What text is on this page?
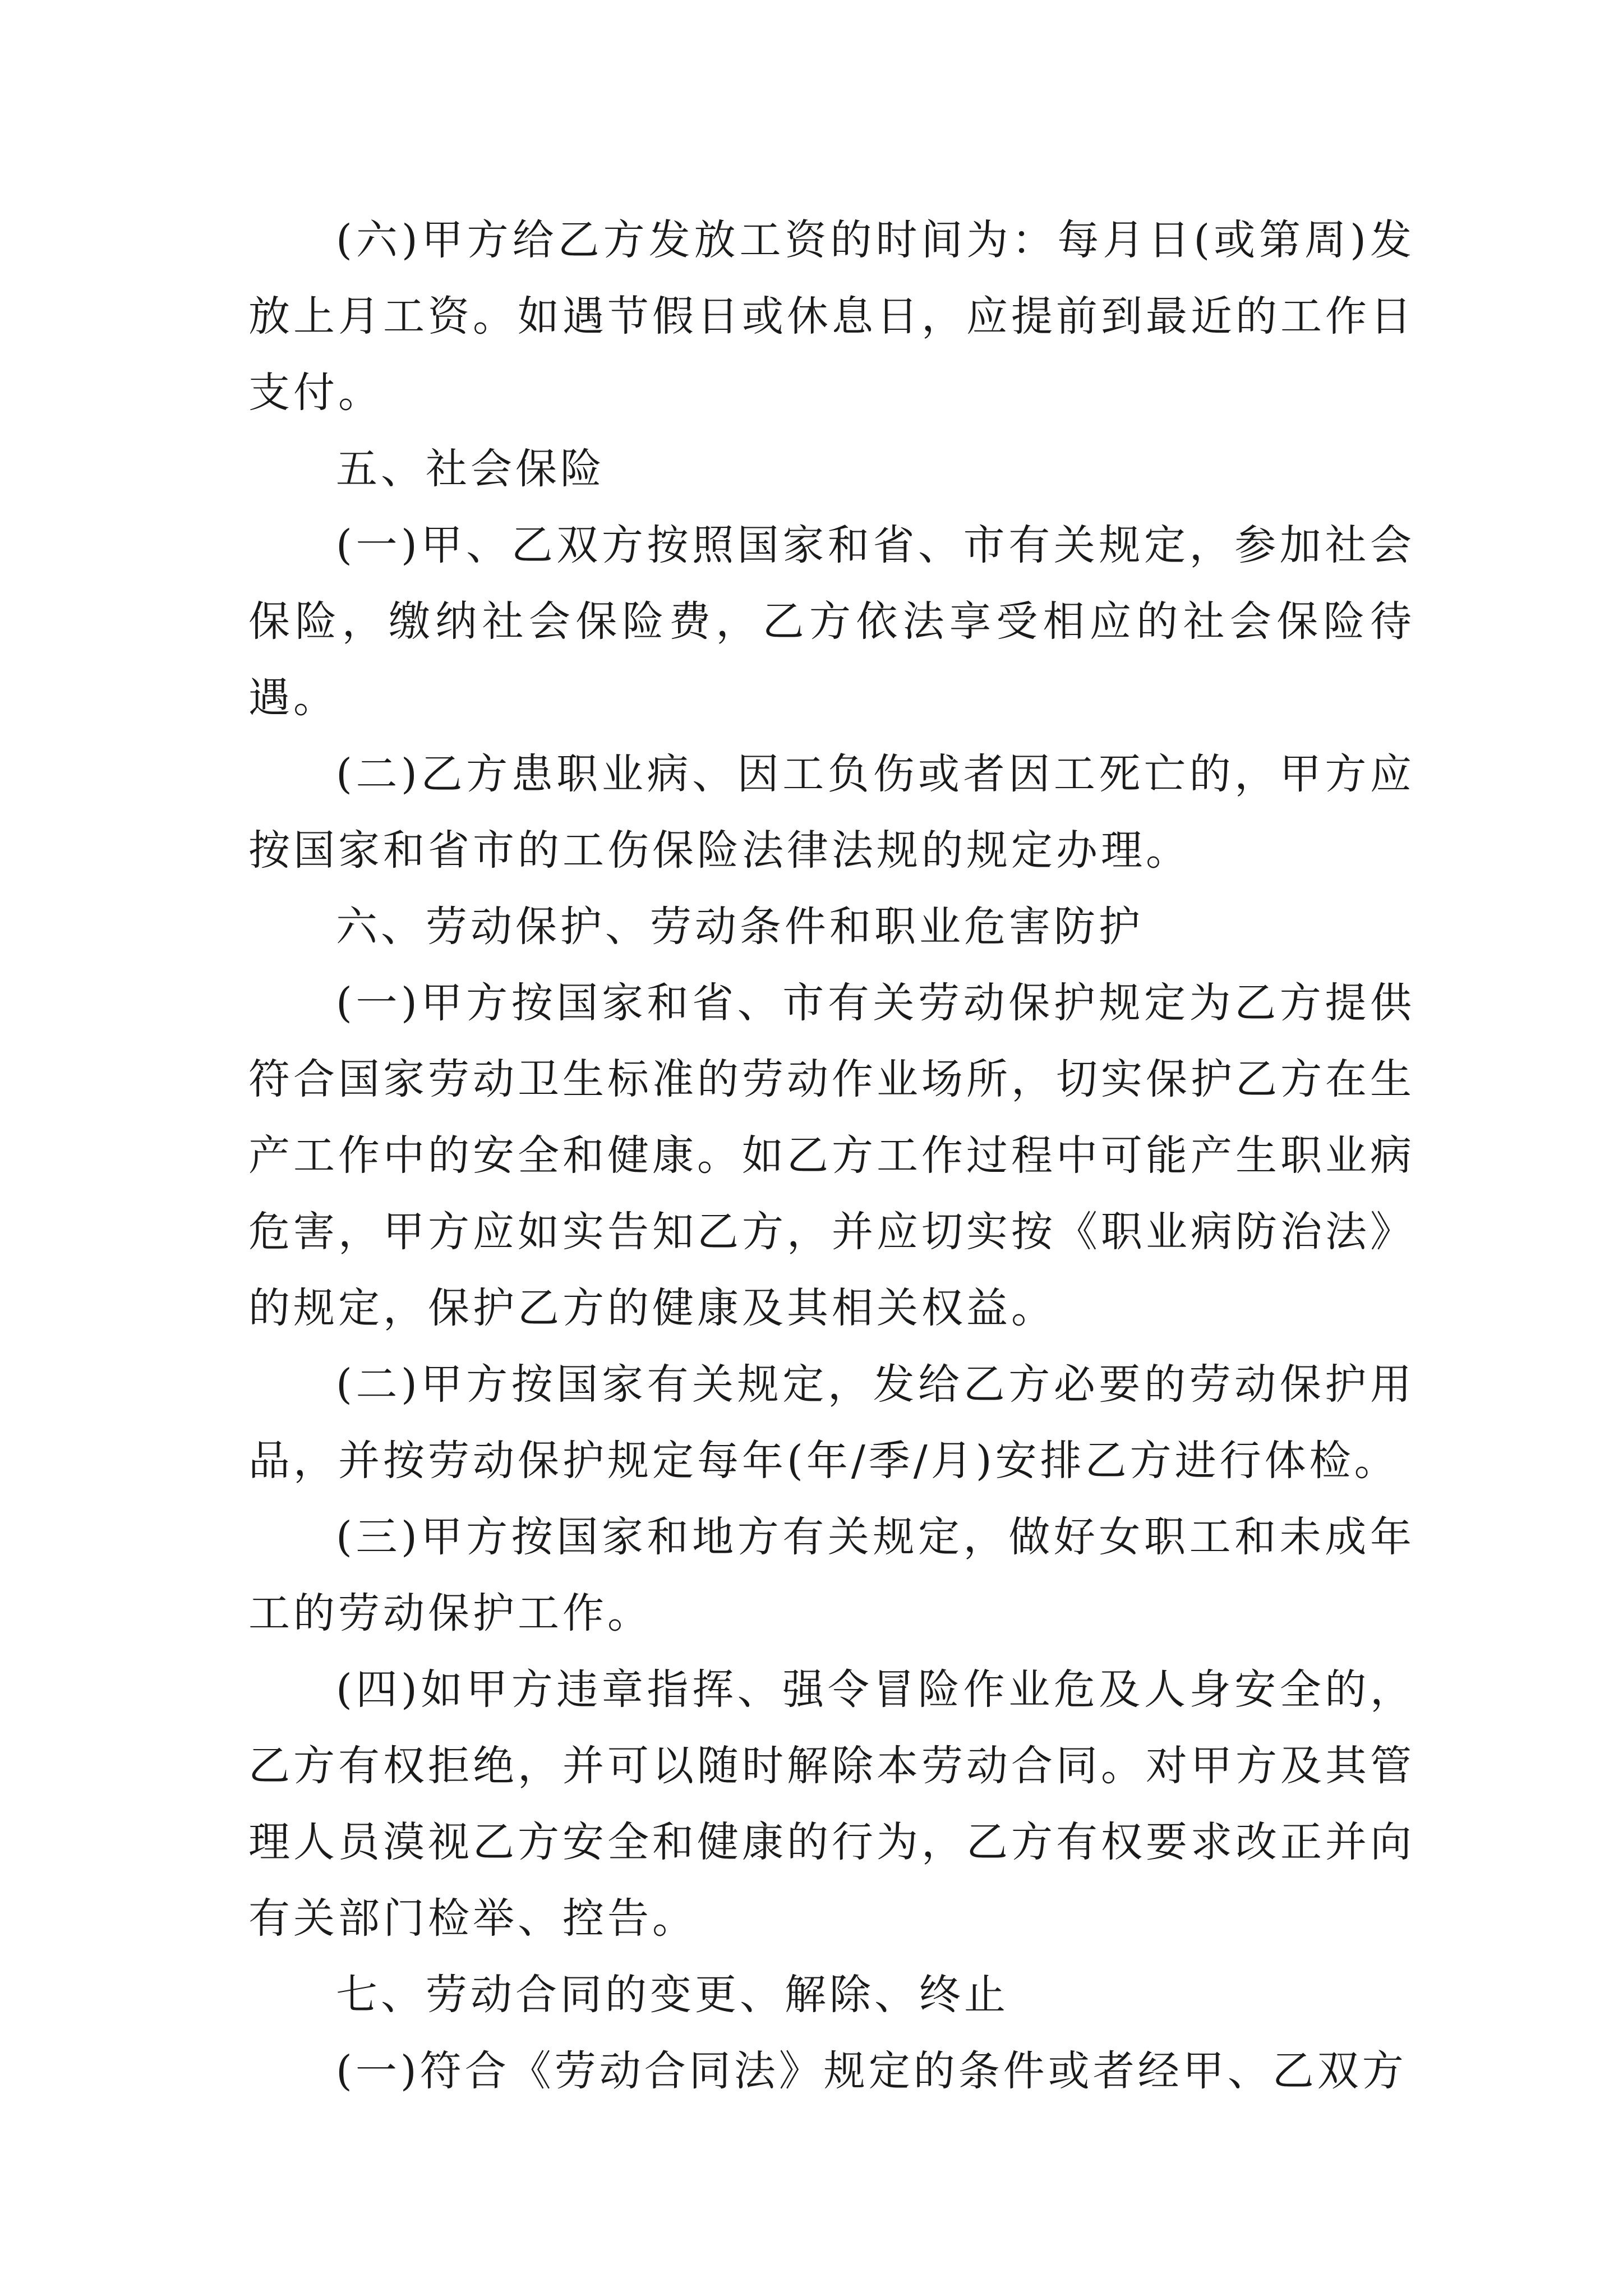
(六)甲方给乙方发放工资的时间为：每月日(或第周)发放上月工资。如遇节假日或休息日，应提前到最近的工作日支付。

五、社会保险

(一)甲、乙双方按照国家和省、市有关规定，参加社会保险，缴纳社会保险费，乙方依法享受相应的社会保险待遇。

(二)乙方患职业病、因工负伤或者因工死亡的，甲方应按国家和省市的工伤保险法律法规的规定办理。

六、劳动保护、劳动条件和职业危害防护

(一)甲方按国家和省、市有关劳动保护规定为乙方提供符合国家劳动卫生标准的劳动作业场所，切实保护乙方在生产工作中的安全和健康。如乙方工作过程中可能产生职业病危害，甲方应如实告知乙方，并应切实按《职业病防治法》的规定，保护乙方的健康及其相关权益。

(二)甲方按国家有关规定，发给乙方必要的劳动保护用品，并按劳动保护规定每年(年/季/月)安排乙方进行体检。

(三)甲方按国家和地方有关规定，做好女职工和未成年工的劳动保护工作。

(四)如甲方违章指挥、强令冒险作业危及人身安全的，乙方有权拒绝，并可以随时解除本劳动合同。对甲方及其管理人员漠视乙方安全和健康的行为，乙方有权要求改正并向有关部门检举、控告。

七、劳动合同的变更、解除、终止

(一)符合《劳动合同法》规定的条件或者经甲、乙双方
